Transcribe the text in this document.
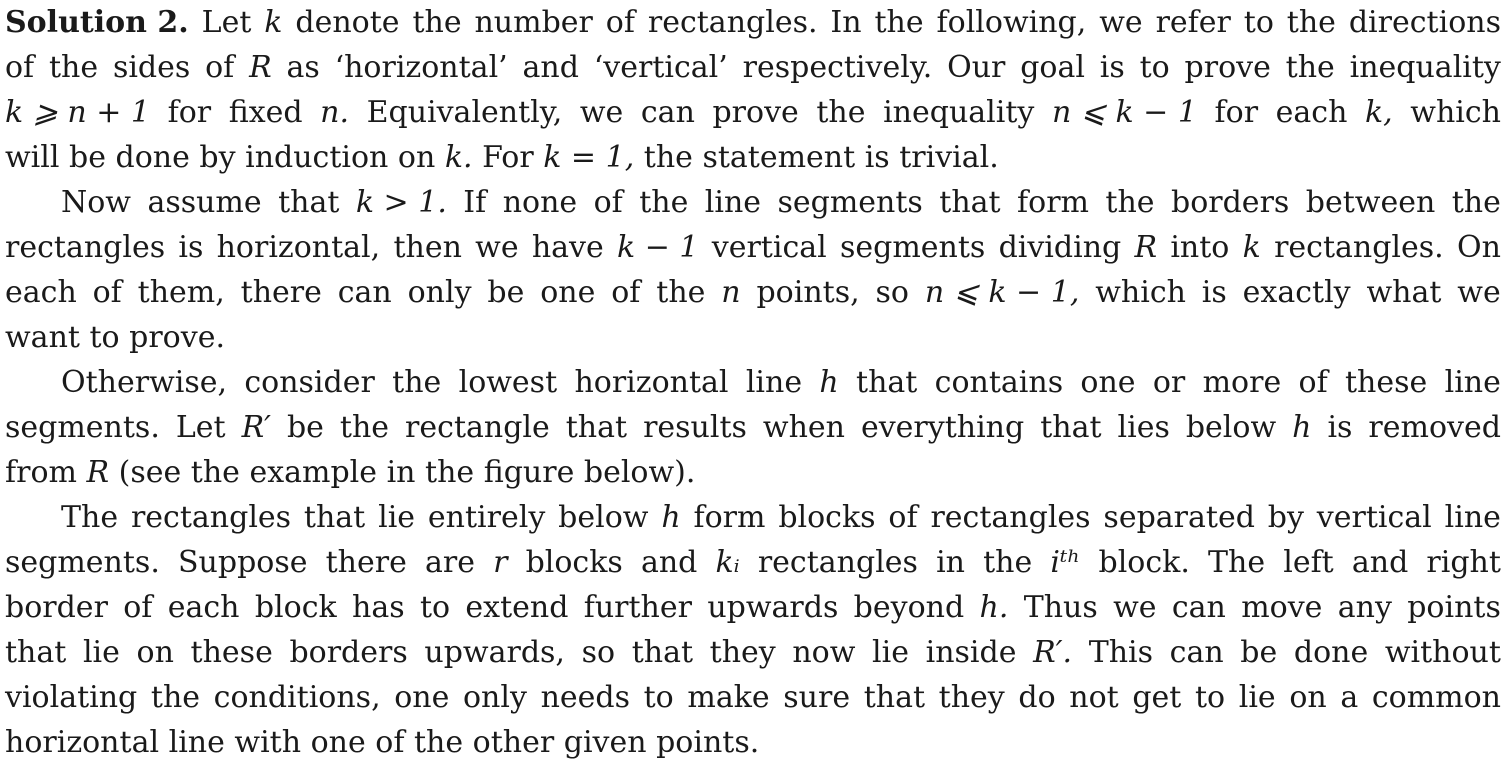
Solution 2. Let k denote the number of rectangles. In the following, we refer to the directions
of the sides of R as ‘horizontal’ and ‘vertical’ respectively. Our goal is to prove the inequality
k ⩾ n + 1 for fixed n. Equivalently, we can prove the inequality n ⩽ k − 1 for each k, which
will be done by induction on k. For k = 1, the statement is trivial.
Now assume that k > 1. If none of the line segments that form the borders between the
rectangles is horizontal, then we have k − 1 vertical segments dividing R into k rectangles. On
each of them, there can only be one of the n points, so n ⩽ k − 1, which is exactly what we
want to prove.
Otherwise, consider the lowest horizontal line h that contains one or more of these line
segments. Let R′ be the rectangle that results when everything that lies below h is removed
from R (see the example in the figure below).
The rectangles that lie entirely below h form blocks of rectangles separated by vertical line
segments. Suppose there are r blocks and kᵢ rectangles in the iᵗʰ block. The left and right
border of each block has to extend further upwards beyond h. Thus we can move any points
that lie on these borders upwards, so that they now lie inside R′. This can be done without
violating the conditions, one only needs to make sure that they do not get to lie on a common
horizontal line with one of the other given points.
